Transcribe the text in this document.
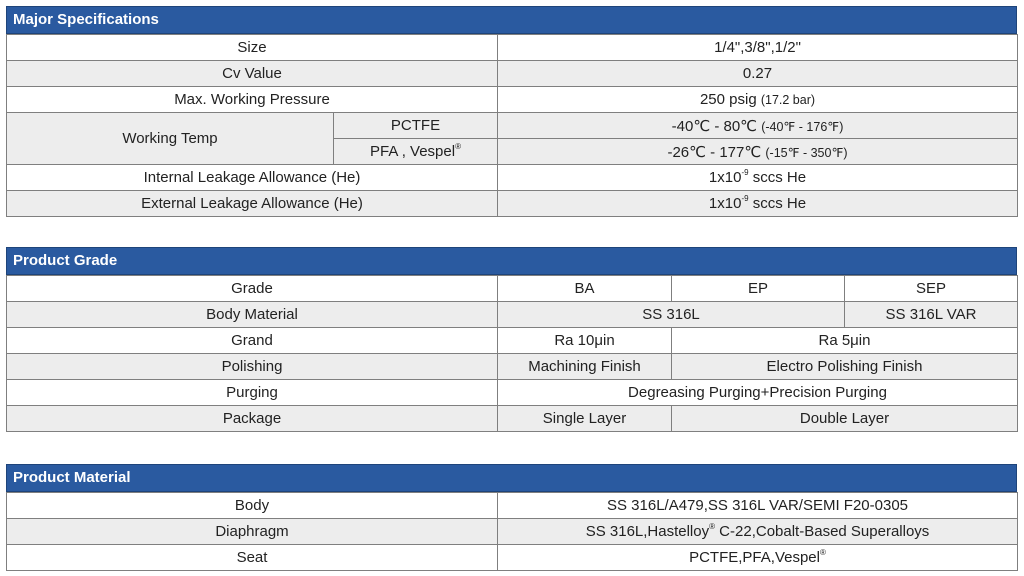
Major Specifications
Size		1/4",3/8",1/2"
Cv Value		0.27
Max. Working Pressure		250 psig (17.2 bar)
Working Temp	PCTFE	-40℃ - 80℃ (-40℉ - 176℉)
	PFA , Vespel®	-26℃ - 177℃ (-15℉ - 350℉)
Internal Leakage Allowance (He)		$1x10^{-9}$ sccs He
External Leakage Allowance (He)		$1x10^{-9}$ sccs He
Product Grade
Grade	BA	EP	SEP
Body Material	SS 316L		SS 316L VAR
Grand	Ra 10μin	Ra 5μin	
Polishing	Machining Finish	Electro Polishing Finish	
Purging	Degreasing Purging+Precision Purging		
Package	Single Layer	Double Layer	
Product Material
Body	SS 316L/A479,SS 316L VAR/SEMI F20-0305
Diaphragm	SS 316L,Hastelloy® C-22,Cobalt-Based Superalloys
Seat	PCTFE,PFA,Vespel®
